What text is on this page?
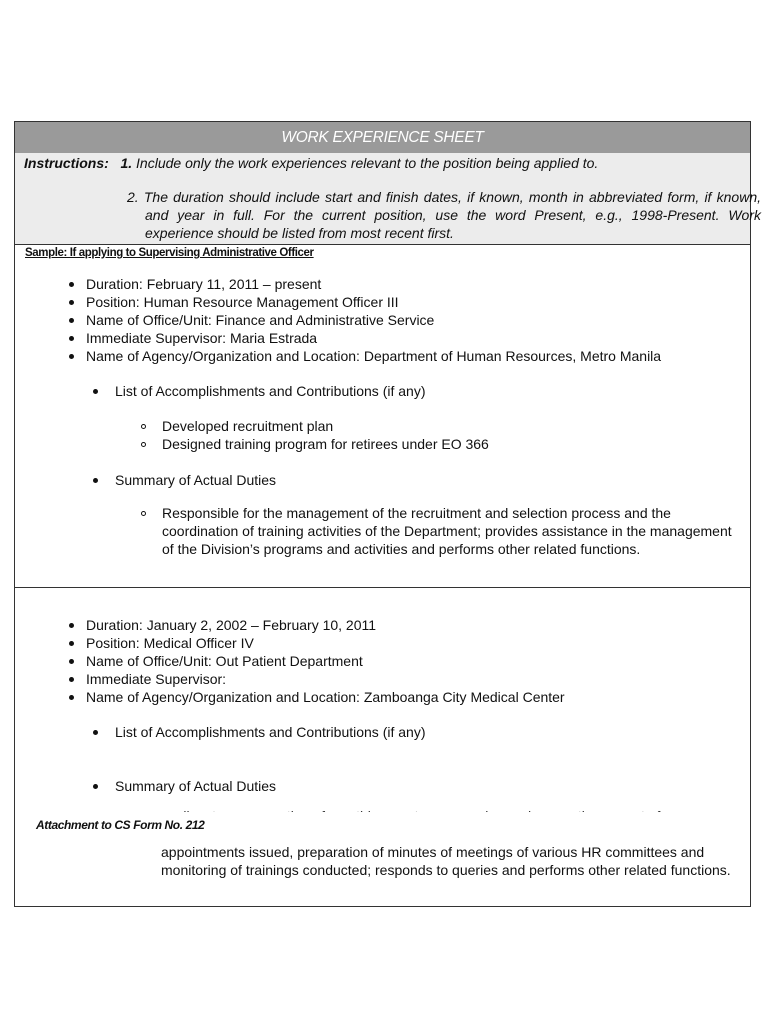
WORK EXPERIENCE SHEET
Instructions: 1. Include only the work experiences relevant to the position being applied to.
2. The duration should include start and finish dates, if known, month in abbreviated form, if known, and year in full. For the current position, use the word Present, e.g., 1998-Present. Work experience should be listed from most recent first.
Sample: If applying to Supervising Administrative Officer
Duration: February 11, 2011 – present
Position: Human Resource Management Officer III
Name of Office/Unit: Finance and Administrative Service
Immediate Supervisor: Maria Estrada
Name of Agency/Organization and Location: Department of Human Resources, Metro Manila
List of Accomplishments and Contributions (if any)
Developed recruitment plan
Designed training program for retirees under EO 366
Summary of Actual Duties
Responsible for the management of the recruitment and selection process and the coordination of training activities of the Department; provides assistance in the management of the Division’s programs and activities and performs other related functions.
Duration: January 2, 2002 – February 10, 2011
Position: Medical Officer IV
Name of Office/Unit: Out Patient Department
Immediate Supervisor:
Name of Agency/Organization and Location: Zamboanga City Medical Center
List of Accomplishments and Contributions (if any)
Summary of Actual Duties
Attachment to CS Form No. 212
appointments issued, preparation of minutes of meetings of various HR committees and monitoring of trainings conducted; responds to queries and performs other related functions.
